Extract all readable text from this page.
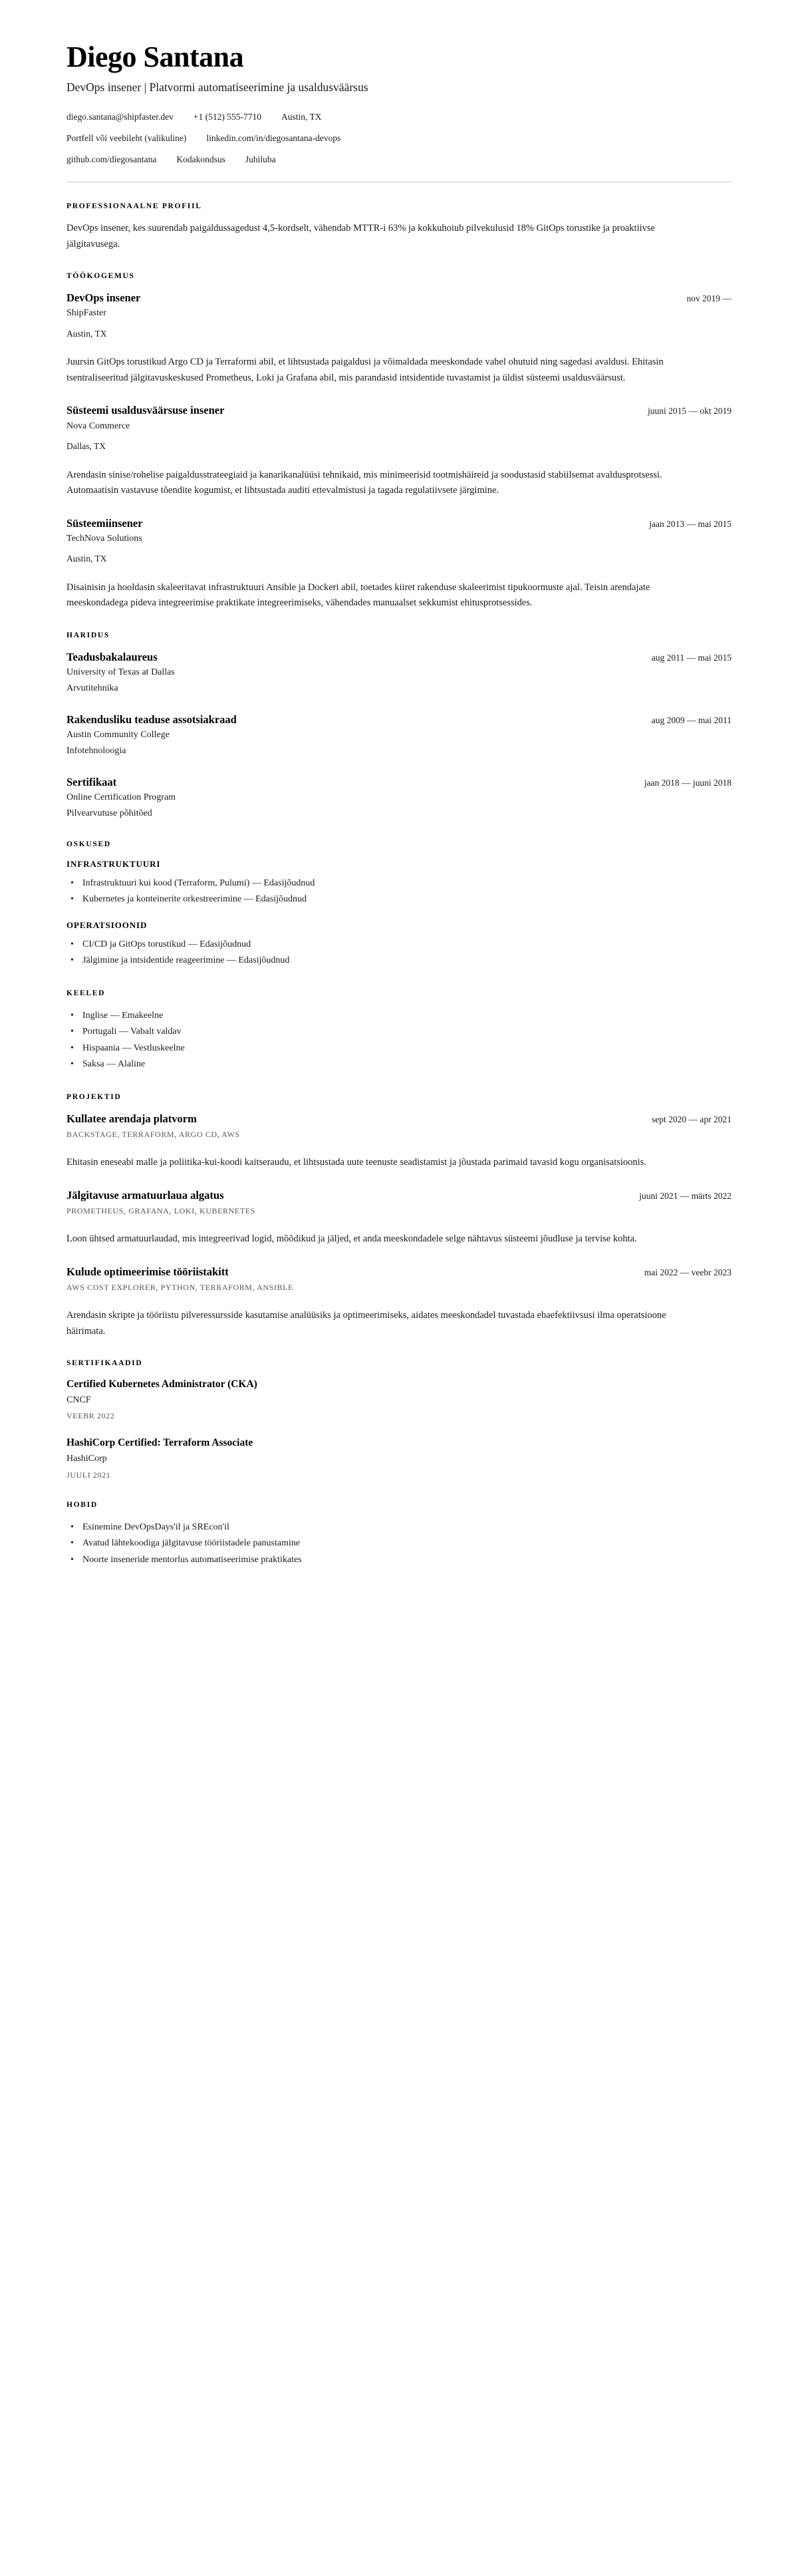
Diego Santana
DevOps insener | Platvormi automatiseerimine ja usaldusväärsus
diego.santana@shipfaster.dev +1 (512) 555-7710 Austin, TX
Portfell või veebileht (valikuline) linkedin.com/in/diegosantana-devops
github.com/diegosantana Kodakondsus Juhiluba
PROFESSIONAALNE PROFIIL

DevOps insener, kes suurendab paigaldussagedust 4,5-kordselt, vähendab MTTR-i 63% ja kokkuhoiub pilvekulusid 18% GitOps torustike ja proaktiivse jälgitavusega.

TÖÖKOGEMUS
DevOps insener	nov 2019 —
ShipFaster
Austin, TX

Juursin GitOps torustikud Argo CD ja Terraformi abil, et lihtsustada paigaldusi ja võimaldada meeskondade vahel ohutuid ning sagedasi avaldusi. Ehitasin tsentraliseeritud jälgitavuskeskused Prometheus, Loki ja Grafana abil, mis parandasid intsidentide tuvastamist ja üldist süsteemi usaldusväärsust.

Süsteemi usaldusväärsuse insener	juuni 2015 — okt 2019
Nova Commerce
Dallas, TX

Arendasin sinise/rohelise paigaldusstrateegiaid ja kanarikanalüüsi tehnikaid, mis minimeerisid tootmishäireid ja soodustasid stabiilsemat avaldusprotsessi. Automaatisin vastavuse tõendite kogumist, et lihtsustada auditi ettevalmistusi ja tagada regulatiivsete järgimine.

Süsteemiinsener	jaan 2013 — mai 2015
TechNova Solutions
Austin, TX

Disainisin ja hooldasin skaleeritavat infrastruktuuri Ansible ja Dockeri abil, toetades kiiret rakenduse skaleerimist tipukoormuste ajal. Teisin arendajate meeskondadega pideva integreerimise praktikate integreerimiseks, vähendades manuaalset sekkumist ehitusprotsessides.

HARIDUS
Teadusbakalaureus	aug 2011 — mai 2015
University of Texas at Dallas
Arvutitehnika
Rakendusliku teaduse assotsiakraad	aug 2009 — mai 2011
Austin Community College
Infotehnoloogia
Sertifikaat	jaan 2018 — juuni 2018
Online Certification Program
Pilvearvutuse põhitõed
OSKUSED
INFRASTRUKTUURI
• Infrastruktuuri kui kood (Terraform, Pulumi) — Edasijõudnud
• Kubernetes ja konteinerite orkestreerimine — Edasijõudnud
OPERATSIOONID
• CI/CD ja GitOps torustikud — Edasijõudnud
• Jälgimine ja intsidentide reageerimine — Edasijõudnud
KEELED
• Inglise — Emakeelne
• Portugali — Vabalt valdav
• Hispaania — Vestluskeelne
• Saksa — Alaline
PROJEKTID
Kullatee arendaja platvorm	sept 2020 — apr 2021
BACKSTAGE, TERRAFORM, ARGO CD, AWS

Ehitasin eneseabi malle ja poliitika-kui-koodi kaitseraudu, et lihtsustada uute teenuste seadistamist ja jõustada parimaid tavasid kogu organisatsioonis.

Jälgitavuse armatuurlaua algatus	juuni 2021 — märts 2022
PROMETHEUS, GRAFANA, LOKI, KUBERNETES

Loon ühtsed armatuurlaudad, mis integreerivad logid, mõõdikud ja jäljed, et anda meeskondadele selge nähtavus süsteemi jõudluse ja tervise kohta.

Kulude optimeerimise tööriistakitt	mai 2022 — veebr 2023
AWS COST EXPLORER, PYTHON, TERRAFORM, ANSIBLE

Arendasin skripte ja tööriistu pilveressursside kasutamise analüüsiks ja optimeerimiseks, aidates meeskondadel tuvastada ebaefektiivsusi ilma operatsioone häirimata.

SERTIFIKAADID
Certified Kubernetes Administrator (CKA)
CNCF
VEEBR 2022
HashiCorp Certified: Terraform Associate
HashiCorp
JUULI 2021
HOBID
• Esinemine DevOpsDays'il ja SREcon'il
• Avatud lähtekoodiga jälgitavuse tööriistadele panustamine
• Noorte inseneride mentorlus automatiseerimise praktikates
